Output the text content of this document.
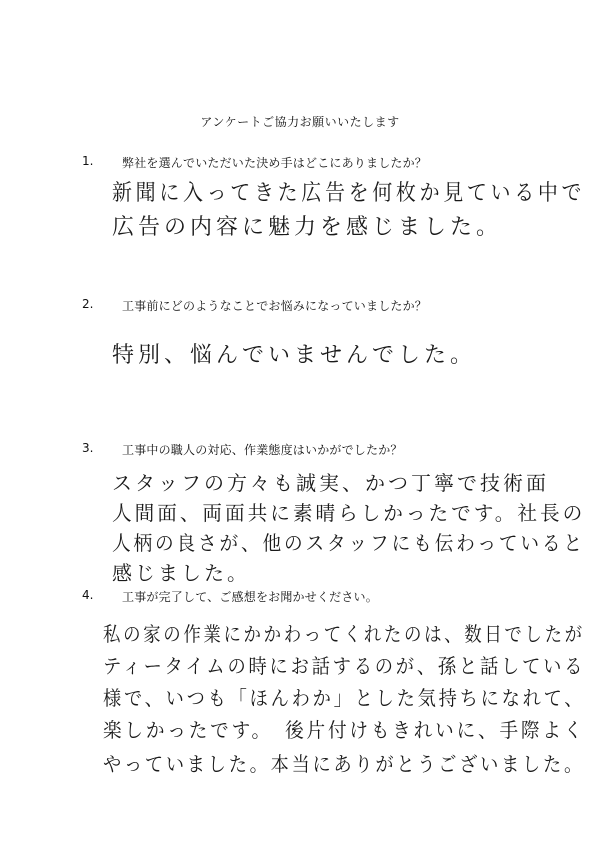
アンケートご協力お願いいたします
1. 弊社を選んでいただいた決め手はどこにありましたか？
新聞に入ってきた広告を何枚か見ている中で
広告の内容に魅力を感じました。
2. 工事前にどのようなことでお悩みになっていましたか？
特別、悩んでいませんでした。
3. 工事中の職人の対応、作業態度はいかがでしたか？
スタッフの方々も誠実、かつ丁寧で技術面
人間面、両面共に素晴らしかったです。社長の
人柄の良さが、他のスタッフにも伝わっていると
感じました。
4. 工事が完了して、ご感想をお聞かせください。
私の家の作業にかかわってくれたのは、数日でしたが
ティータイムの時にお話するのが、孫と話している
様で、いつも「ほんわか」とした気持ちになれて、
楽しかったです。　後片付けもきれいに、手際よく
やっていました。本当にありがとうございました。
